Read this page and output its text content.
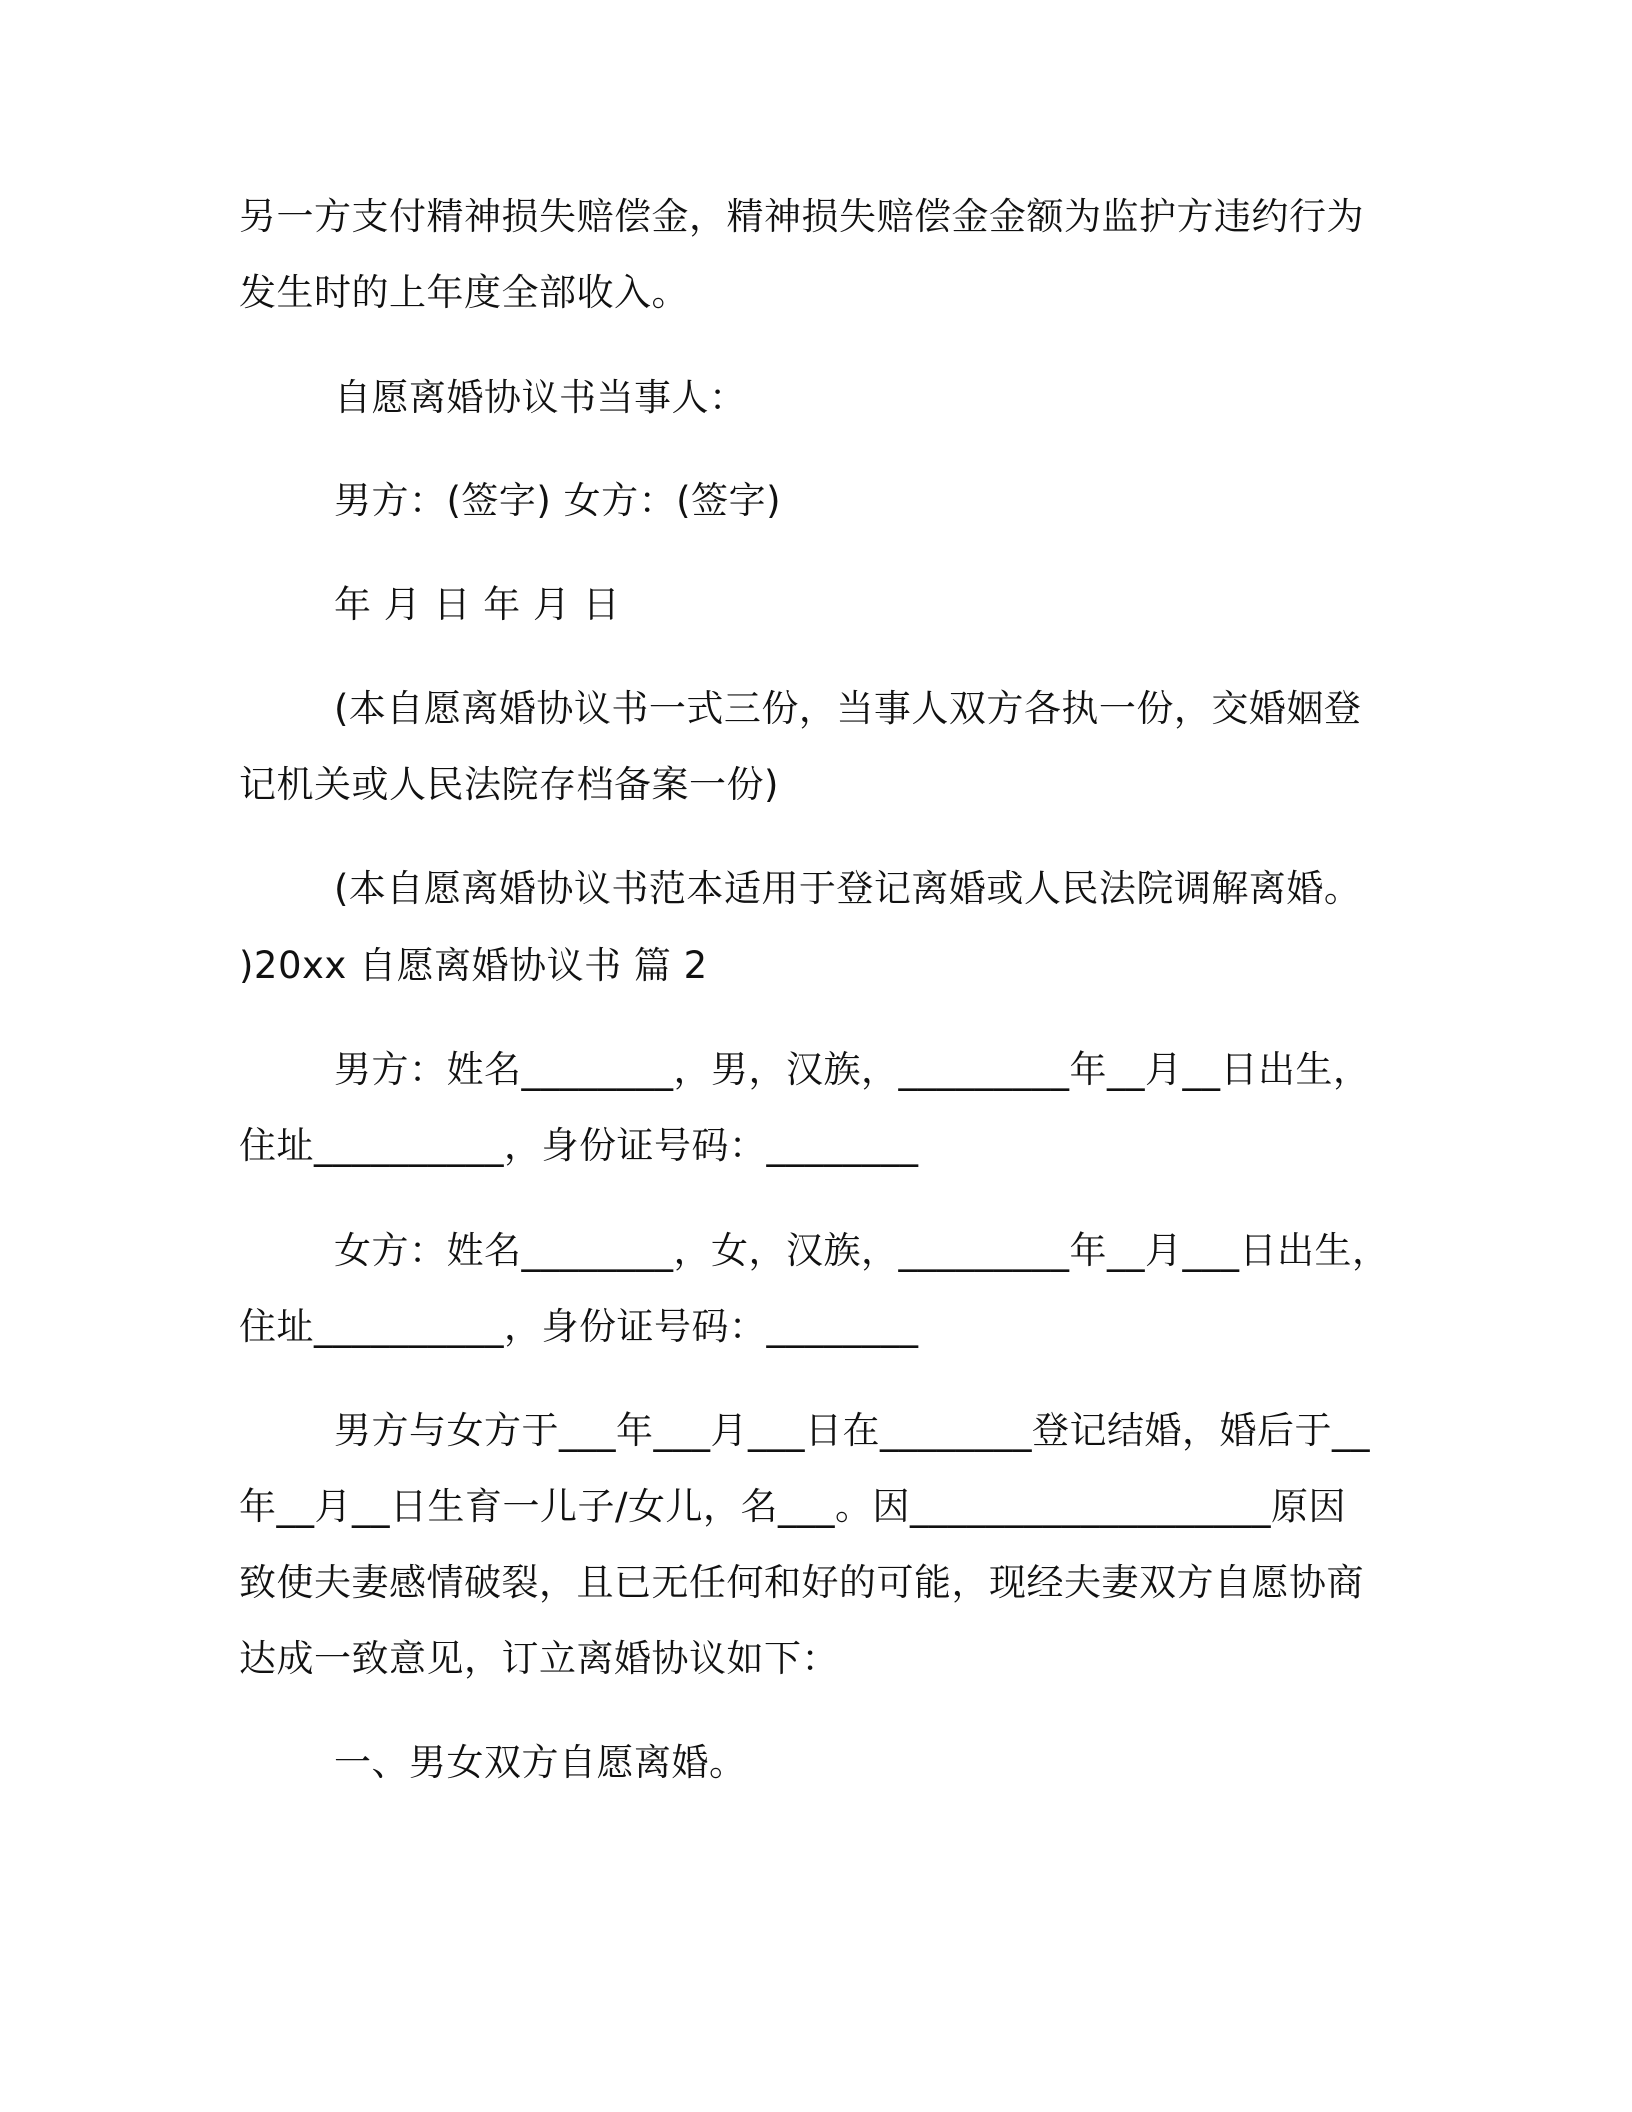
另一方支付精神损失赔偿金，精神损失赔偿金金额为监护方违约行为
发生时的上年度全部收入。
自愿离婚协议书当事人：
男方：(签字) 女方：(签字)
年 月 日 年 月 日
(本自愿离婚协议书一式三份，当事人双方各执一份，交婚姻登
记机关或人民法院存档备案一份)
(本自愿离婚协议书范本适用于登记离婚或人民法院调解离婚。
)20xx 自愿离婚协议书 篇 2
男方：姓名________，男，汉族，_________年__月__日出生，
住址__________，身份证号码：________
女方：姓名________，女，汉族，_________年__月___日出生，
住址__________，身份证号码：________
男方与女方于___年___月___日在________登记结婚，婚后于__
年__月__日生育一儿子/女儿，名___。因___________________原因
致使夫妻感情破裂，且已无任何和好的可能，现经夫妻双方自愿协商
达成一致意见，订立离婚协议如下：
一、男女双方自愿离婚。
